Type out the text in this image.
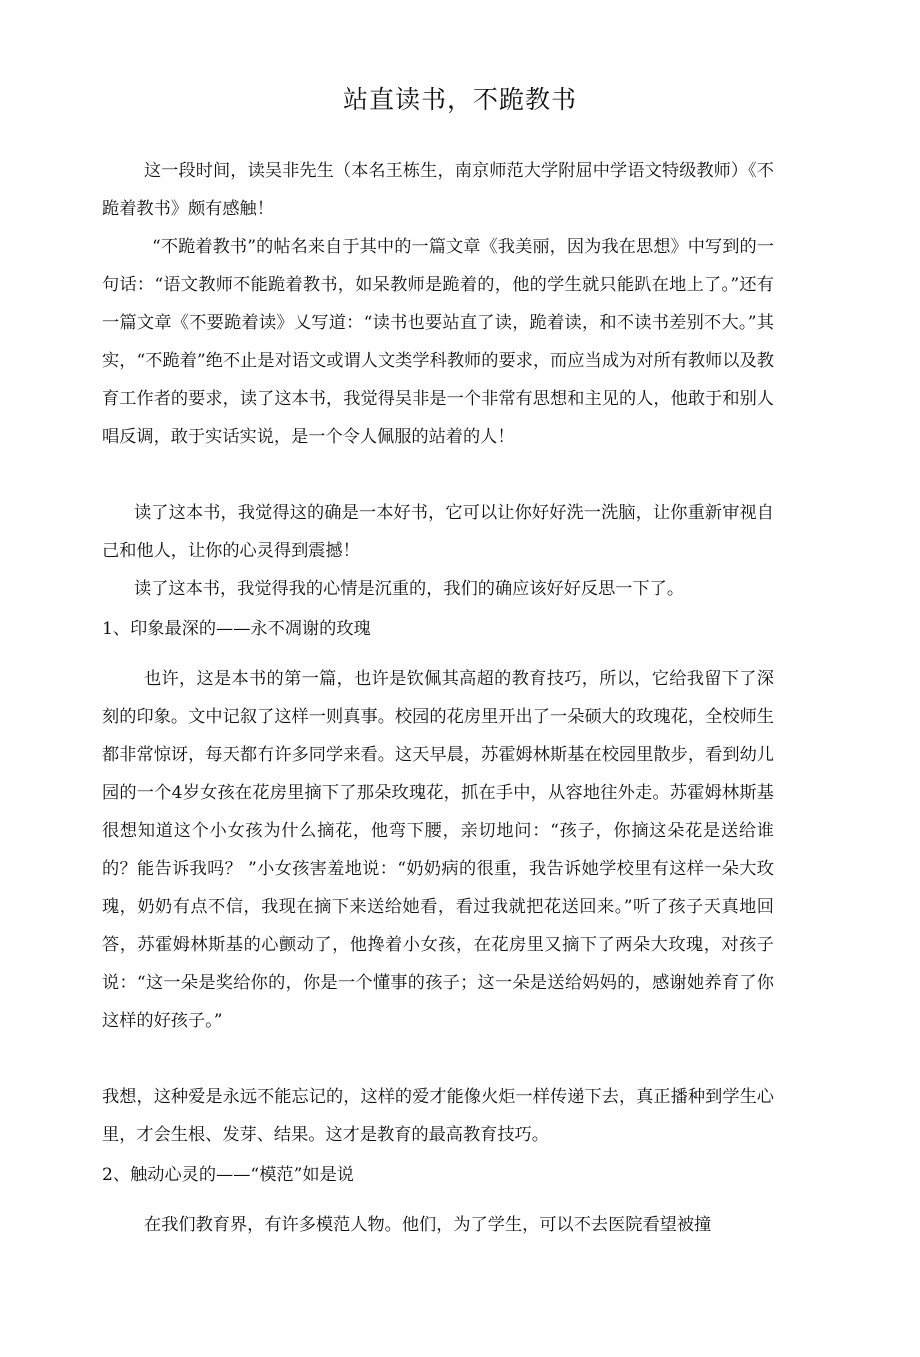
站直读书，不跪教书

这一段时间，读吴非先生（本名王栋生，南京师范大学附屈中学语文特级教师）《不跪着教书》颇有感触！

“不跪着教书”的帖名来自于其中的一篇文章《我美丽，因为我在思想》中写到的一句话：“语文教师不能跪着教书，如呆教师是跪着的，他的学生就只能趴在地上了。”还有一篇文章《不要跪着读》乂写道：“读书也要站直了读，跪着读，和不读书差别不大。”其实，“不跪着”绝不止是对语文或谓人文类学科教师的要求，而应当成为对所有教师以及教育工作者的要求，读了这本书，我觉得吴非是一个非常有思想和主见的人，他敢于和别人唱反调，敢于实话实说，是一个令人佩服的站着的人！

读了这本书，我觉得这的确是一本好书，它可以让你好好洗一洗脑，让你重新审视自己和他人，让你的心灵得到震撼！

读了这本书，我觉得我的心情是沉重的，我们的确应该好好反思一下了。

1、印象最深的——永不凋谢的玫瑰

也许，这是本书的第一篇，也许是钦佩其高超的教育技巧，所以，它给我留下了深刻的印象。文中记叙了这样一则真事。校园的花房里开出了一朵硕大的玫瑰花，全校师生都非常惊讶，每天都冇许多同学来看。这天早晨，苏霍姆林斯基在校园里散步，看到幼儿园的一个4岁女孩在花房里摘下了那朵玫瑰花，抓在手中，从容地往外走。苏霍姆林斯基很想知道这个小女孩为什么摘花，他弯下腰，亲切地问：“孩子，你摘这朵花是送给谁的？能告诉我吗？ ”小女孩害羞地说：“奶奶病的很重，我告诉她学校里有这样一朵大玫瑰，奶奶有点不信，我现在摘下来送给她看，看过我就把花送回来。”听了孩子天真地回答，苏霍姆林斯基的心颤动了，他搀着小女孩，在花房里又摘下了两朵大玫瑰，对孩子说：“这一朵是奖给你的，你是一个懂事的孩子；这一朵是送给妈妈的，感谢她养育了你这样的好孩子。”

我想，这种爱是永远不能忘记的，这样的爱才能像火炬一样传递下去，真正播种到学生心里，才会生根、发芽、结果。这才是教育的最高教育技巧。

2、触动心灵的——“模范”如是说

在我们教育界，有许多模范人物。他们，为了学生，可以不去医院看望被撞
